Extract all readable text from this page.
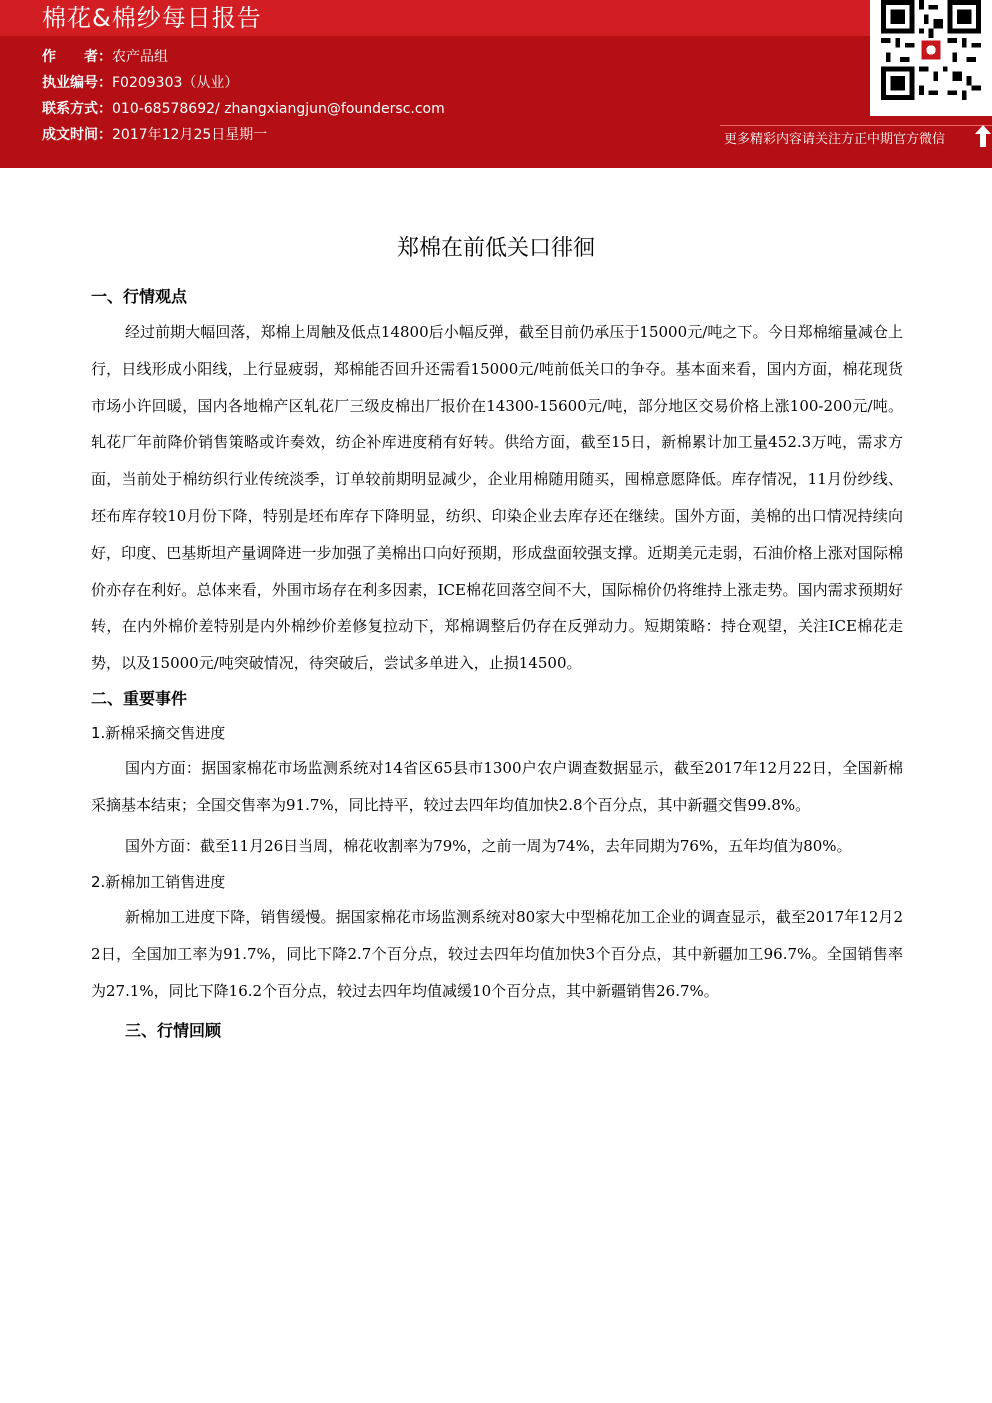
棉花&棉纱每日报告
作　　者：农产品组
执业编号：F0209303（从业）
联系方式：010-68578692/ zhangxiangjun@foundersc.com
成文时间：2017年12月25日星期一	更多精彩内容请关注方正中期官方微信
郑棉在前低关口徘徊
一、行情观点

经过前期大幅回落，郑棉上周触及低点14800后小幅反弹，截至目前仍承压于15000元/吨之下。今日郑棉缩量减仓上行，日线形成小阳线，上行显疲弱，郑棉能否回升还需看15000元/吨前低关口的争夺。基本面来看，国内方面，棉花现货市场小许回暖，国内各地棉产区轧花厂三级皮棉出厂报价在14300-15600元/吨，部分地区交易价格上涨100-200元/吨。轧花厂年前降价销售策略或许奏效，纺企补库进度稍有好转。供给方面，截至15日，新棉累计加工量452.3万吨，需求方面，当前处于棉纺织行业传统淡季，订单较前期明显减少，企业用棉随用随买，囤棉意愿降低。库存情况，11月份纱线、坯布库存较10月份下降，特别是坯布库存下降明显，纺织、印染企业去库存还在继续。国外方面，美棉的出口情况持续向好，印度、巴基斯坦产量调降进一步加强了美棉出口向好预期，形成盘面较强支撑。近期美元走弱，石油价格上涨对国际棉价亦存在利好。总体来看，外围市场存在利多因素，ICE棉花回落空间不大，国际棉价仍将维持上涨走势。国内需求预期好转，在内外棉价差特别是内外棉纱价差修复拉动下，郑棉调整后仍存在反弹动力。短期策略：持仓观望，关注ICE棉花走势，以及15000元/吨突破情况，待突破后，尝试多单进入，止损14500。

二、重要事件
1.新棉采摘交售进度

国内方面：据国家棉花市场监测系统对14省区65县市1300户农户调查数据显示，截至2017年12月22日，全国新棉采摘基本结束；全国交售率为91.7%，同比持平，较过去四年均值加快2.8个百分点，其中新疆交售99.8%。

国外方面：截至11月26日当周，棉花收割率为79%，之前一周为74%，去年同期为76%，五年均值为80%。

2.新棉加工销售进度

新棉加工进度下降，销售缓慢。据国家棉花市场监测系统对80家大中型棉花加工企业的调查显示，截至2017年12月22日，全国加工率为91.7%，同比下降2.7个百分点，较过去四年均值加快3个百分点，其中新疆加工96.7%。全国销售率为27.1%，同比下降16.2个百分点，较过去四年均值减缓10个百分点，其中新疆销售26.7%。

三、行情回顾
